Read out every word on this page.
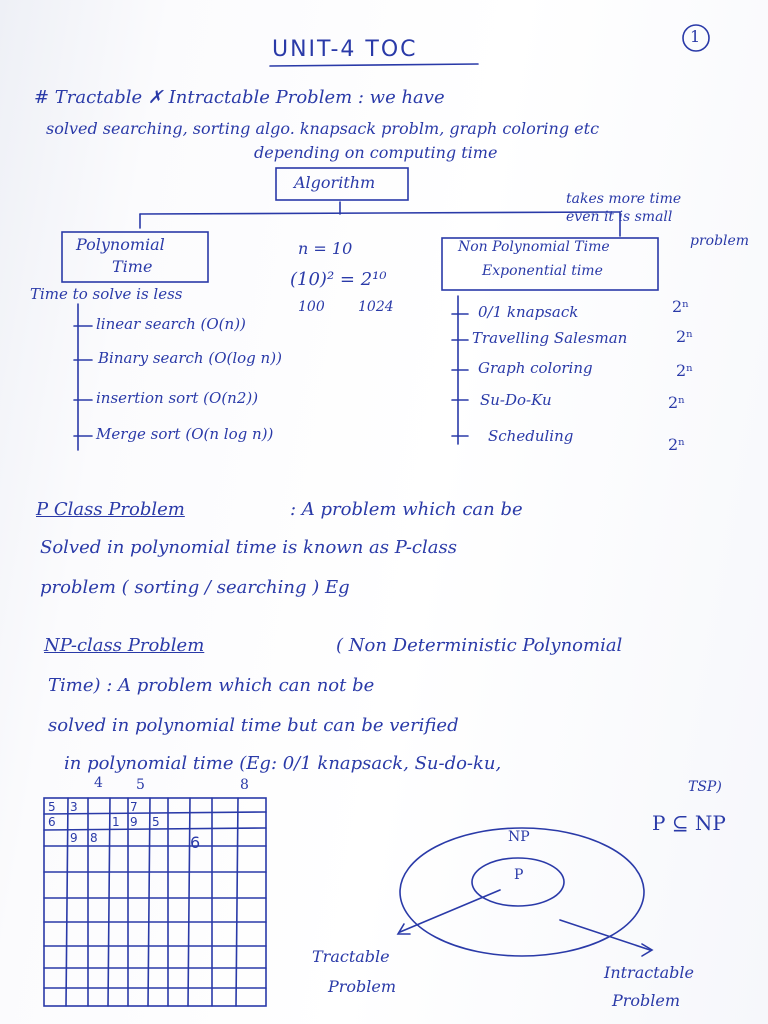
1
UNIT-4 TOC
# Tractable ✗ Intractable Problem : we have
solved searching, sorting algo. knapsack problm, graph coloring etc
depending on computing time
Algorithm
takes more time
even it is small
problem
Polynomial
Time
Time to solve is less
n = 10
(10)² = 2¹⁰
100 1024
linear search (O(n))
Binary search (O(log n))
insertion sort (O(n2))
Merge sort (O(n log n))
Non Polynomial Time
Exponential time
0/1 knapsack	2ⁿ
Travelling Salesman	2ⁿ
Graph coloring	2ⁿ
Su-Do-Ku	2ⁿ
Scheduling	2ⁿ
P Class Problem	: A problem which can be
Solved in polynomial time is known as P-class
problem ( sorting / searching ) Eg
NP-class Problem	( Non Deterministic Polynomial
Time) : A problem which can not be
solved in polynomial time but can be verified
in polynomial time (Eg: 0/1 knapsack, Su-do-ku,
TSP)
P ⊆ NP
4 5	8
5 3	7
6	1 9 5
9 8	6	NP
P
Tractable
Problem
Intractable
Problem
